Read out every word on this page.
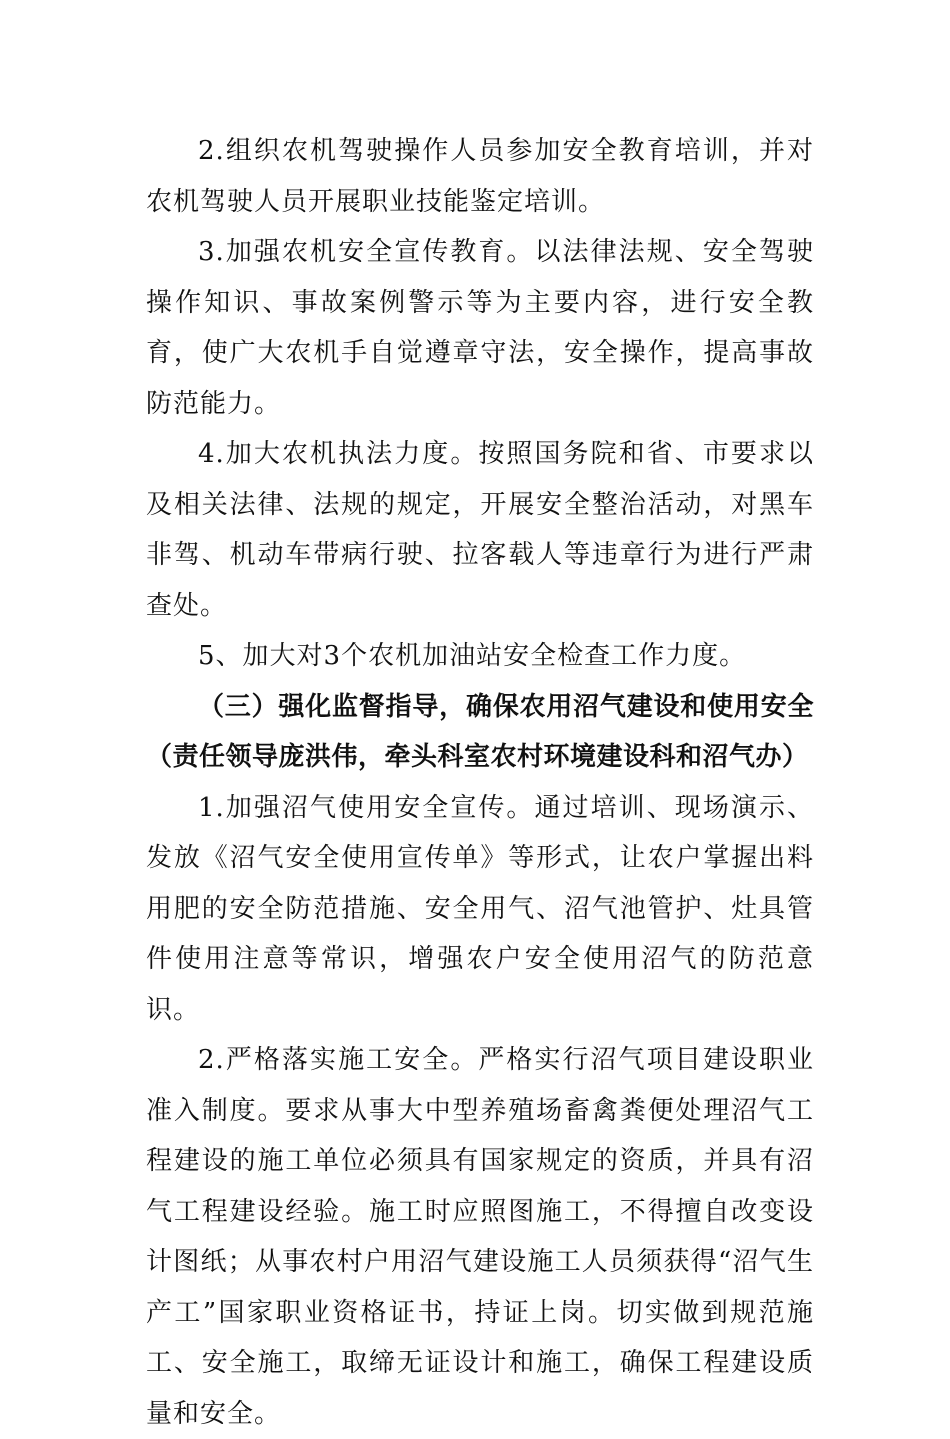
2.组织农机驾驶操作人员参加安全教育培训，并对农机驾驶人员开展职业技能鉴定培训。

3.加强农机安全宣传教育。以法律法规、安全驾驶操作知识、事故案例警示等为主要内容，进行安全教育，使广大农机手自觉遵章守法，安全操作，提高事故防范能力。

4.加大农机执法力度。按照国务院和省、市要求以及相关法律、法规的规定，开展安全整治活动，对黑车非驾、机动车带病行驶、拉客载人等违章行为进行严肃查处。

5、加大对3个农机加油站安全检查工作力度。

（三）强化监督指导，确保农用沼气建设和使用安全（责任领导庞洪伟，牵头科室农村环境建设科和沼气办）

1.加强沼气使用安全宣传。通过培训、现场演示、发放《沼气安全使用宣传单》等形式，让农户掌握出料用肥的安全防范措施、安全用气、沼气池管护、灶具管件使用注意等常识，增强农户安全使用沼气的防范意识。

2.严格落实施工安全。严格实行沼气项目建设职业准入制度。要求从事大中型养殖场畜禽粪便处理沼气工程建设的施工单位必须具有国家规定的资质，并具有沼气工程建设经验。施工时应照图施工，不得擅自改变设计图纸；从事农村户用沼气建设施工人员须获得“沼气生产工”国家职业资格证书，持证上岗。切实做到规范施工、安全施工，取缔无证设计和施工，确保工程建设质量和安全。
